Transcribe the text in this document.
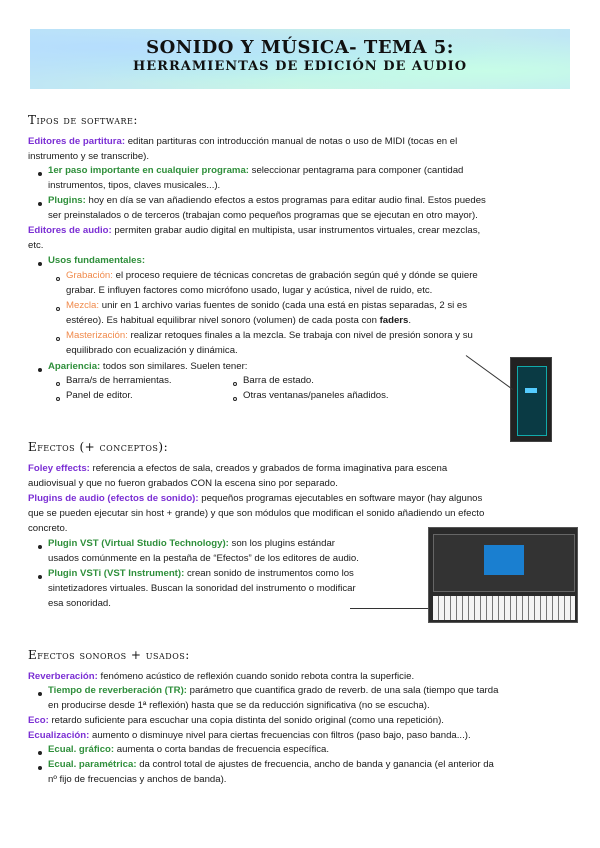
SONIDO Y MÚSICA- TEMA 5:
HERRAMIENTAS DE EDICIÓN DE AUDIO
Tipos de software:
Editores de partitura: editan partituras con introducción manual de notas o uso de MIDI (tocas en el
instrumento y se transcribe).
1er paso importante en cualquier programa: seleccionar pentagrama para componer (cantidad
instrumentos, tipos, claves musicales...).
Plugins: hoy en día se van añadiendo efectos a estos programas para editar audio final. Estos puedes
ser preinstalados o de terceros (trabajan como pequeños programas que se ejecutan en otro mayor).
Editores de audio: permiten grabar audio digital en multipista, usar instrumentos virtuales, crear mezclas,
etc.
Usos fundamentales:
Grabación: el proceso requiere de técnicas concretas de grabación según qué y dónde se quiere
grabar. E influyen factores como micrófono usado, lugar y acústica, nivel de ruido, etc.
Mezcla: unir en 1 archivo varias fuentes de sonido (cada una está en pistas separadas, 2 si es
estéreo). Es habitual equilibrar nivel sonoro (volumen) de cada posta con faders.
Masterización: realizar retoques finales a la mezcla. Se trabaja con nivel de presión sonora y su
equilibrado con ecualización y dinámica.
Apariencia: todos son similares. Suelen tener:
Barra/s de herramientas.
Panel de editor.
Barra de estado.
Otras ventanas/paneles añadidos.
Efectos (+ conceptos):
Foley effects: referencia a efectos de sala, creados y grabados de forma imaginativa para escena
audiovisual y que no fueron grabados CON la escena sino por separado.
Plugins de audio (efectos de sonido): pequeños programas ejecutables en software mayor (hay algunos
que se pueden ejecutar sin host + grande) y que son módulos que modifican el sonido añadiendo un efecto
concreto.
Plugin VST (Virtual Studio Technology): son los plugins estándar
usados comúnmente en la pestaña de “Efectos” de los editores de audio.
Plugin VSTi (VST Instrument): crean sonido de instrumentos como los
sintetizadores virtuales. Buscan la sonoridad del instrumento o modificar
esa sonoridad.
Efectos sonoros + usados:
Reverberación: fenómeno acústico de reflexión cuando sonido rebota contra la superficie.
Tiempo de reverberación (TR): parámetro que cuantifica grado de reverb. de una sala (tiempo que tarda
en producirse desde 1ª reflexión) hasta que se da reducción significativa (no se escucha).
Eco: retardo suficiente para escuchar una copia distinta del sonido original (como una repetición).
Ecualización: aumento o disminuye nivel para ciertas frecuencias con filtros (paso bajo, paso banda...).
Ecual. gráfico: aumenta o corta bandas de frecuencia específica.
Ecual. paramétrica: da control total de ajustes de frecuencia, ancho de banda y ganancia (el anterior da
nº fijo de frecuencias y anchos de banda).
